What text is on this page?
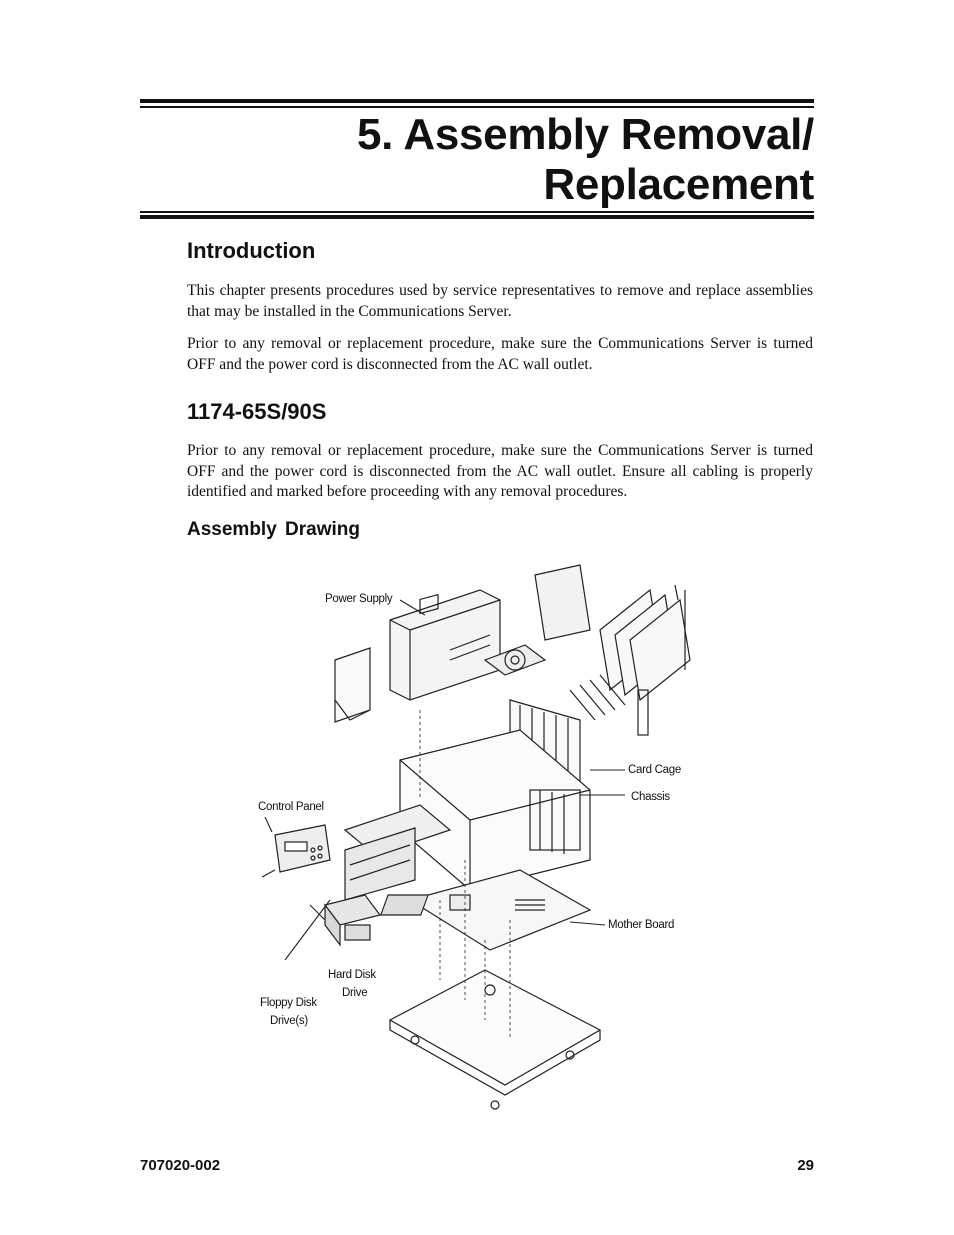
5. Assembly Removal/
Replacement
Introduction

This chapter presents procedures used by service representatives to remove and replace assemblies that may be installed in the Communications Server.

Prior to any removal or replacement procedure, make sure the Communications Server is turned OFF and the power cord is disconnected from the AC wall outlet.

1174-65S/90S

Prior to any removal or replacement procedure, make sure the Communications Server is turned OFF and the power cord is disconnected from the AC wall outlet. Ensure all cabling is properly identified and marked before proceeding with any removal procedures.

Assembly Drawing
Power Supply
Card Cage
Chassis
Control Panel
Mother Board
Hard Disk
Drive
Floppy Disk
Drive(s)
707020-002	29
